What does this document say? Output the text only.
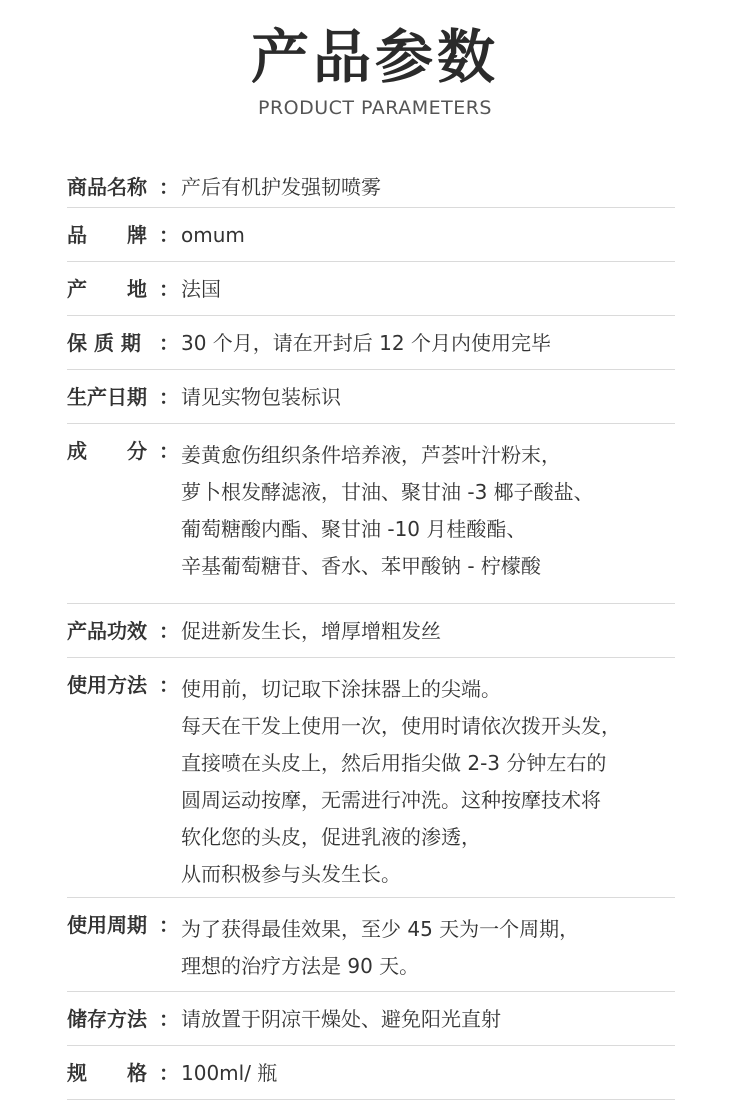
产品参数
PRODUCT PARAMETERS
商品名称 ： 产后有机护发强韧喷雾
品　　牌 ： omum
产　　地 ： 法国
保 质 期 ： 30 个月，请在开封后 12 个月内使用完毕
生产日期 ： 请见实物包装标识
成　　分 ： 姜黄愈伤组织条件培养液，芦荟叶汁粉末，
萝卜根发酵滤液，甘油、聚甘油 -3 椰子酸盐、
葡萄糖酸内酯、聚甘油 -10 月桂酸酯、
辛基葡萄糖苷、香水、苯甲酸钠 - 柠檬酸
产品功效 ： 促进新发生长，增厚增粗发丝
使用方法 ： 使用前，切记取下涂抹器上的尖端。
每天在干发上使用一次，使用时请依次拨开头发，
直接喷在头皮上，然后用指尖做 2-3 分钟左右的
圆周运动按摩，无需进行冲洗。这种按摩技术将
软化您的头皮，促进乳液的渗透，
从而积极参与头发生长。
使用周期 ： 为了获得最佳效果，至少 45 天为一个周期，
理想的治疗方法是 90 天。
储存方法 ： 请放置于阴凉干燥处、避免阳光直射
规　　格 ： 100ml/ 瓶
